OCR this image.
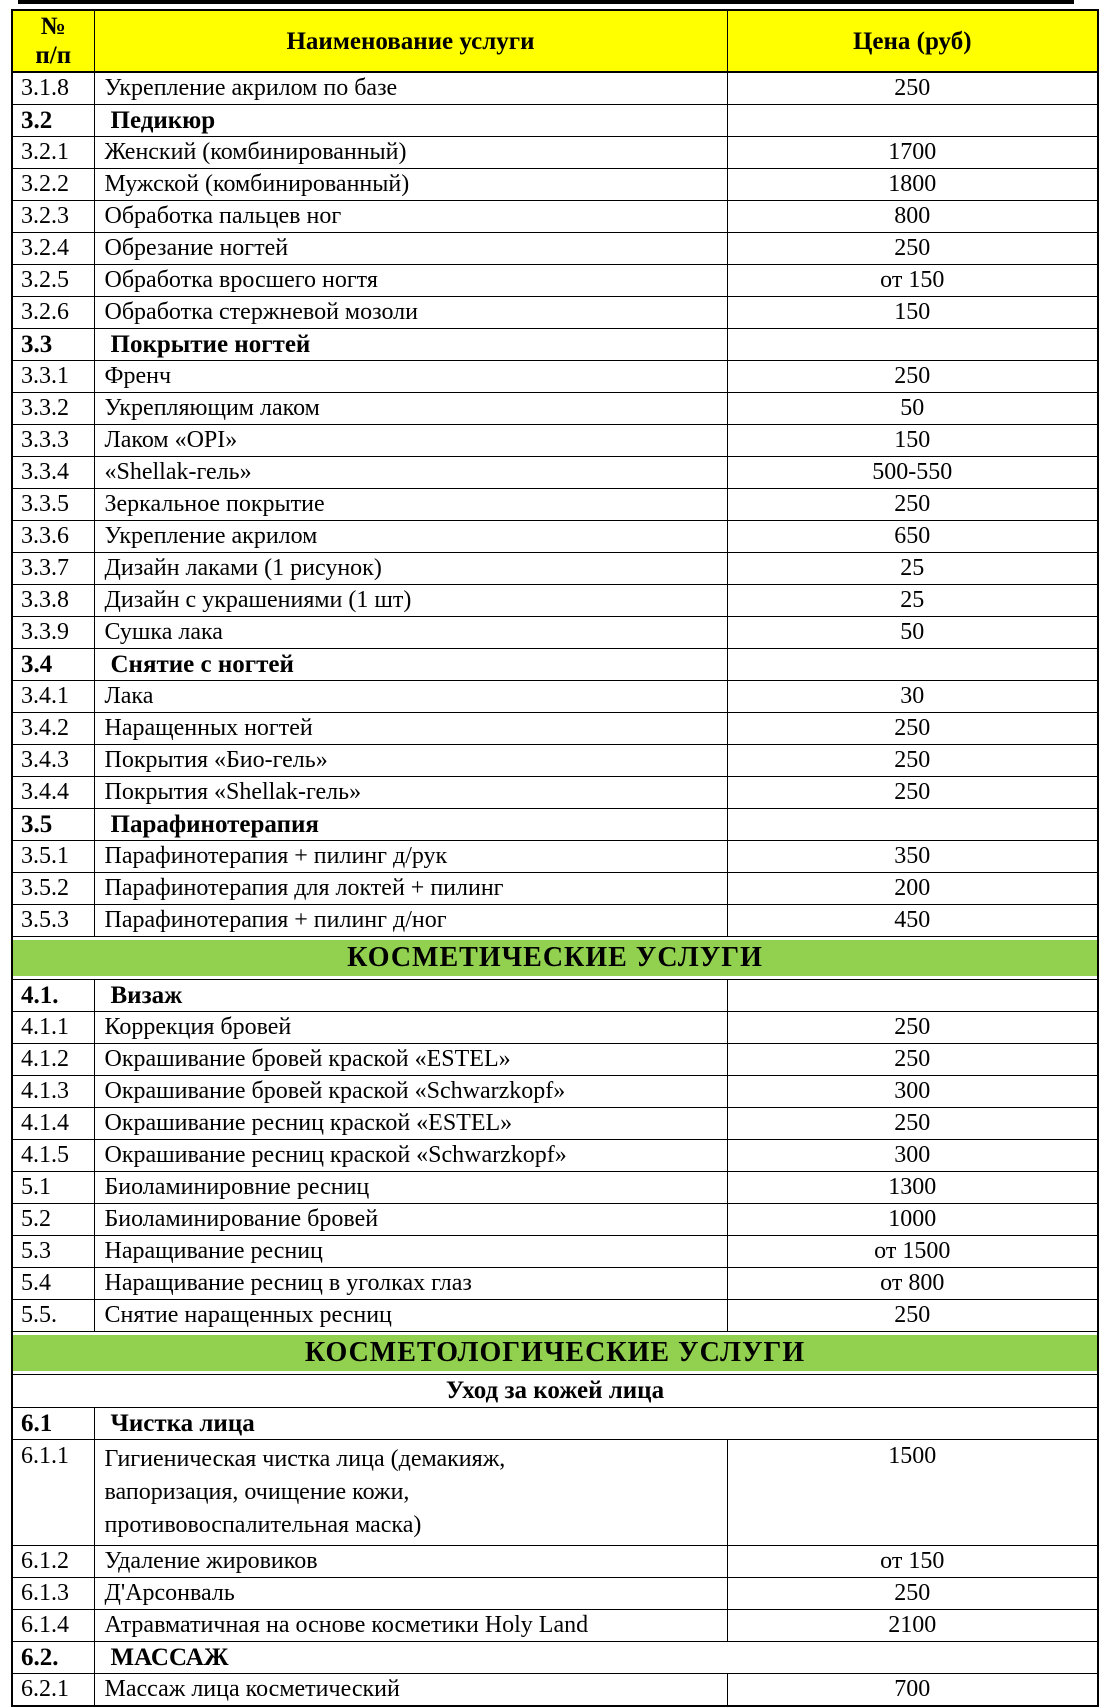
№
п/п	Наименование услуги	Цена (руб)
3.1.8	Укрепление акрилом по базе	250
3.2	Педикюр	
3.2.1	Женский (комбинированный)	1700
3.2.2	Мужской (комбинированный)	1800
3.2.3	Обработка пальцев ног	800
3.2.4	Обрезание ногтей	250
3.2.5	Обработка вросшего ногтя	от 150
3.2.6	Обработка стержневой мозоли	150
3.3	Покрытие ногтей	
3.3.1	Френч	250
3.3.2	Укрепляющим лаком	50
3.3.3	Лаком «OPI»	150
3.3.4	«Shellak-гель»	500-550
3.3.5	Зеркальное покрытие	250
3.3.6	Укрепление акрилом	650
3.3.7	Дизайн лаками (1 рисунок)	25
3.3.8	Дизайн с украшениями (1 шт)	25
3.3.9	Сушка лака	50
3.4	Снятие с ногтей	
3.4.1	Лака	30
3.4.2	Наращенных ногтей	250
3.4.3	Покрытия «Био-гель»	250
3.4.4	Покрытия «Shellak-гель»	250
3.5	Парафинотерапия	
3.5.1	Парафинотерапия + пилинг д/рук	350
3.5.2	Парафинотерапия для локтей + пилинг	200
3.5.3	Парафинотерапия + пилинг д/ног	450

КОСМЕТИЧЕСКИЕ УСЛУГИ		

4.1.	Визаж	
4.1.1	Коррекция бровей	250
4.1.2	Окрашивание бровей краской «ESTEL»	250
4.1.3	Окрашивание бровей краской «Schwarzkopf»	300
4.1.4	Окрашивание ресниц краской «ESTEL»	250
4.1.5	Окрашивание ресниц краской «Schwarzkopf»	300
5.1	Биоламинировние ресниц	1300
5.2	Биоламинирование бровей	1000
5.3	Наращивание ресниц	от 1500
5.4	Наращивание ресниц в уголках глаз	от 800
5.5.	Снятие наращенных ресниц	250

КОСМЕТОЛОГИЧЕСКИЕ УСЛУГИ		

Уход за кожей лица		
6.1	Чистка лица	
6.1.1	Гигиеническая чистка лица (демакияж, вапоризация, очищение кожи, противовоспалительная маска)	1500
6.1.2	Удаление жировиков	от 150
6.1.3	Д'Арсонваль	250
6.1.4	Атравматичная на основе косметики Holy Land	2100
6.2.	МАССАЖ	
6.2.1	Массаж лица косметический	700
